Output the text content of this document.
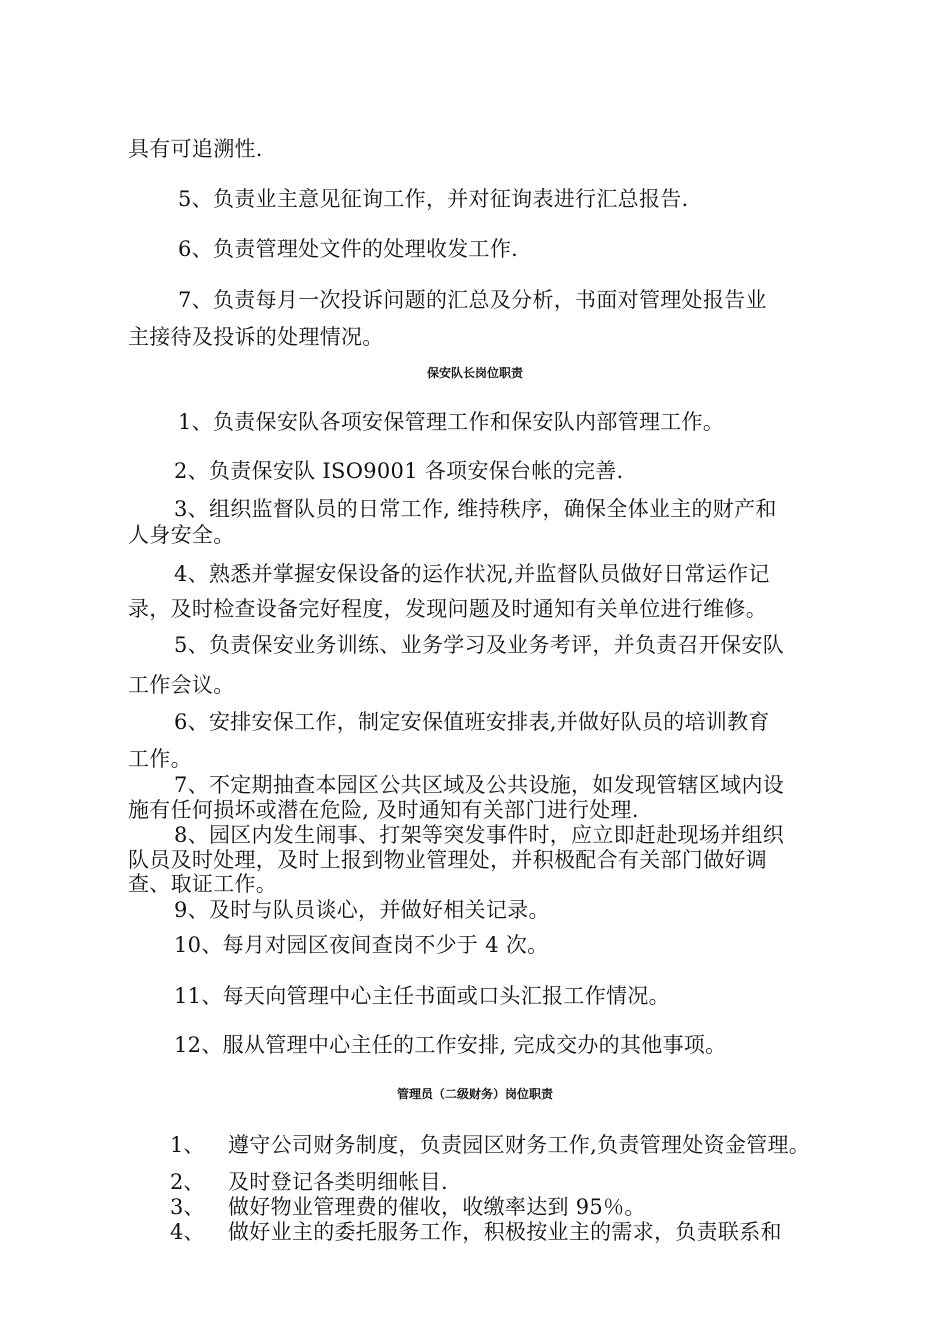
具有可追溯性.
5、负责业主意见征询工作，并对征询表进行汇总报告.
6、负责管理处文件的处理收发工作.
7、负责每月一次投诉问题的汇总及分析，书面对管理处报告业
主接待及投诉的处理情况。
保安队长岗位职责
1、负责保安队各项安保管理工作和保安队内部管理工作。
2、负责保安队 ISO9001 各项安保台帐的完善.
3、组织监督队员的日常工作, 维持秩序，确保全体业主的财产和
人身安全。
4、熟悉并掌握安保设备的运作状况,并监督队员做好日常运作记
录，及时检查设备完好程度，发现问题及时通知有关单位进行维修。
5、负责保安业务训练、业务学习及业务考评，并负责召开保安队
工作会议。
6、安排安保工作，制定安保值班安排表,并做好队员的培训教育
工作。
7、不定期抽查本园区公共区域及公共设施，如发现管辖区域内设
施有任何损坏或潜在危险, 及时通知有关部门进行处理.
8、园区内发生闹事、打架等突发事件时，应立即赶赴现场并组织
队员及时处理，及时上报到物业管理处，并积极配合有关部门做好调
查、取证工作。
9、及时与队员谈心，并做好相关记录。
10、每月对园区夜间查岗不少于 4 次。
11、每天向管理中心主任书面或口头汇报工作情况。
12、服从管理中心主任的工作安排, 完成交办的其他事项。
管理员（二级财务）岗位职责
1、 遵守公司财务制度，负责园区财务工作,负责管理处资金管理。
2、 及时登记各类明细帐目.
3、 做好物业管理费的催收，收缴率达到 95％。
4、 做好业主的委托服务工作，积极按业主的需求，负责联系和
